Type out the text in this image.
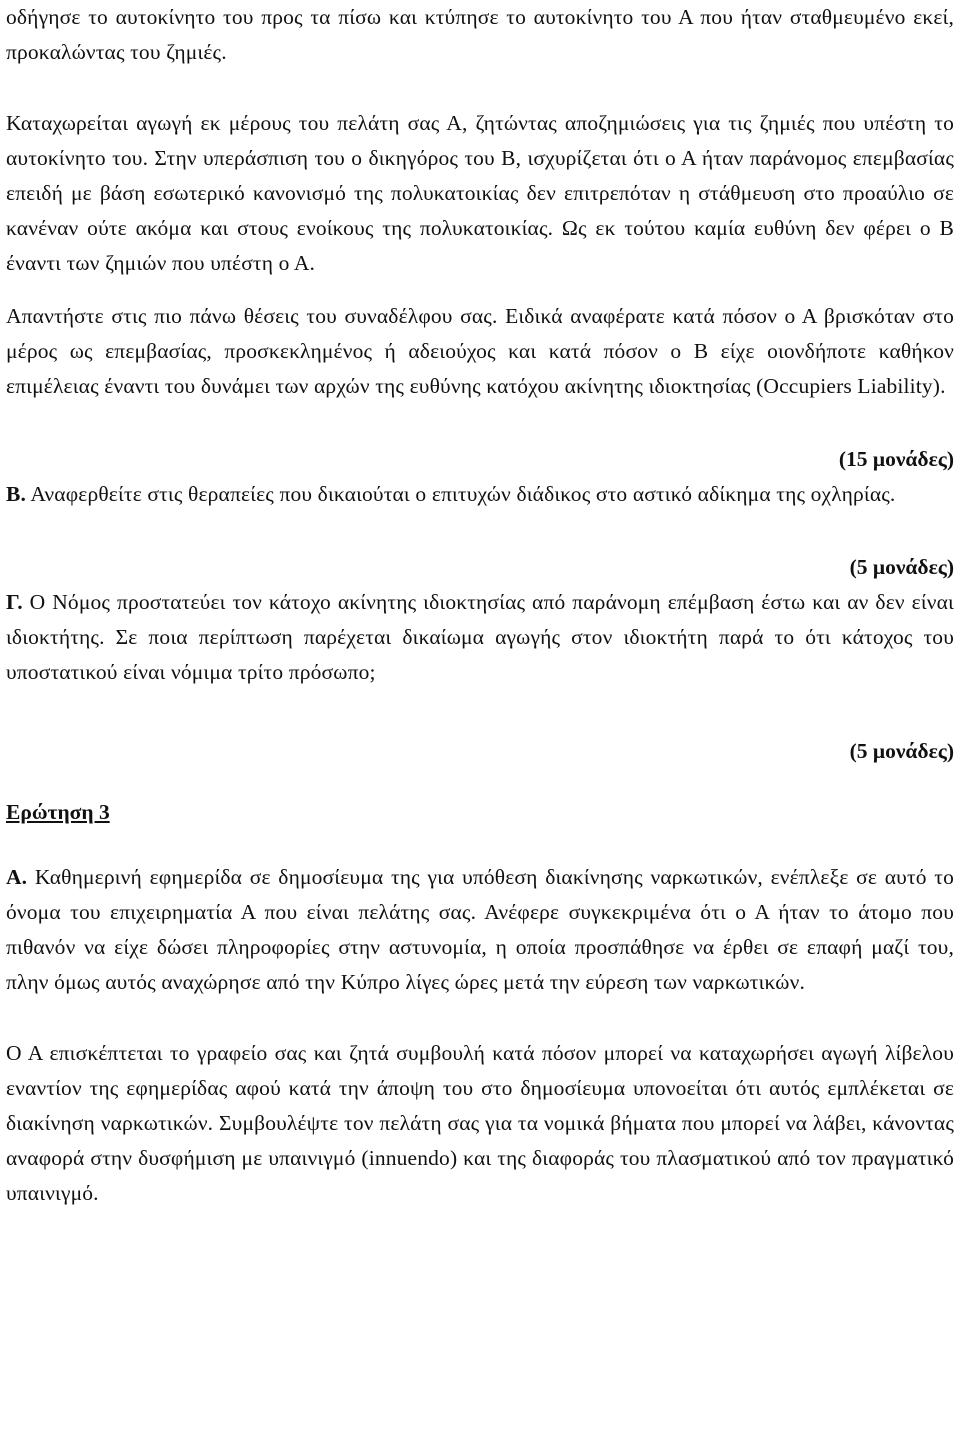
οδήγησε το αυτοκίνητο του προς τα πίσω και κτύπησε το αυτοκίνητο του Α που ήταν σταθμευμένο εκεί, προκαλώντας του ζημιές.

Καταχωρείται αγωγή εκ μέρους του πελάτη σας Α, ζητώντας αποζημιώσεις για τις ζημιές που υπέστη το αυτοκίνητο του. Στην υπεράσπιση του ο δικηγόρος του Β, ισχυρίζεται ότι ο Α ήταν παράνομος επεμβασίας επειδή με βάση εσωτερικό κανονισμό της πολυκατοικίας δεν επιτρεπόταν η στάθμευση στο προαύλιο σε κανέναν ούτε ακόμα και στους ενοίκους της πολυκατοικίας. Ως εκ τούτου καμία ευθύνη δεν φέρει ο Β έναντι των ζημιών που υπέστη ο Α.

Απαντήστε στις πιο πάνω θέσεις του συναδέλφου σας. Ειδικά αναφέρατε κατά πόσον ο Α βρισκόταν στο μέρος ως επεμβασίας, προσκεκλημένος ή αδειούχος και κατά πόσον ο Β είχε οιονδήποτε καθήκον επιμέλειας έναντι του δυνάμει των αρχών της ευθύνης κατόχου ακίνητης ιδιοκτησίας (Occupiers Liability).

(15 μονάδες)

Β. Αναφερθείτε στις θεραπείες που δικαιούται ο επιτυχών διάδικος στο αστικό αδίκημα της οχληρίας.

(5 μονάδες)

Γ. Ο Νόμος προστατεύει τον κάτοχο ακίνητης ιδιοκτησίας από παράνομη επέμβαση έστω και αν δεν είναι ιδιοκτήτης. Σε ποια περίπτωση παρέχεται δικαίωμα αγωγής στον ιδιοκτήτη παρά το ότι κάτοχος του υποστατικού είναι νόμιμα τρίτο πρόσωπο;

(5 μονάδες)

Ερώτηση 3

Α. Καθημερινή εφημερίδα σε δημοσίευμα της για υπόθεση διακίνησης ναρκωτικών, ενέπλεξε σε αυτό το όνομα του επιχειρηματία Α που είναι πελάτης σας. Ανέφερε συγκεκριμένα ότι ο Α ήταν το άτομο που πιθανόν να είχε δώσει πληροφορίες στην αστυνομία, η οποία προσπάθησε να έρθει σε επαφή μαζί του, πλην όμως αυτός αναχώρησε από την Κύπρο λίγες ώρες μετά την εύρεση των ναρκωτικών.

Ο Α επισκέπτεται το γραφείο σας και ζητά συμβουλή κατά πόσον μπορεί να καταχωρήσει αγωγή λίβελου εναντίον της εφημερίδας αφού κατά την άποψη του στο δημοσίευμα υπονοείται ότι αυτός εμπλέκεται σε διακίνηση ναρκωτικών. Συμβουλέψτε τον πελάτη σας για τα νομικά βήματα που μπορεί να λάβει, κάνοντας αναφορά στην δυσφήμιση με υπαινιγμό (innuendo) και της διαφοράς του πλασματικού από τον πραγματικό υπαινιγμό.
